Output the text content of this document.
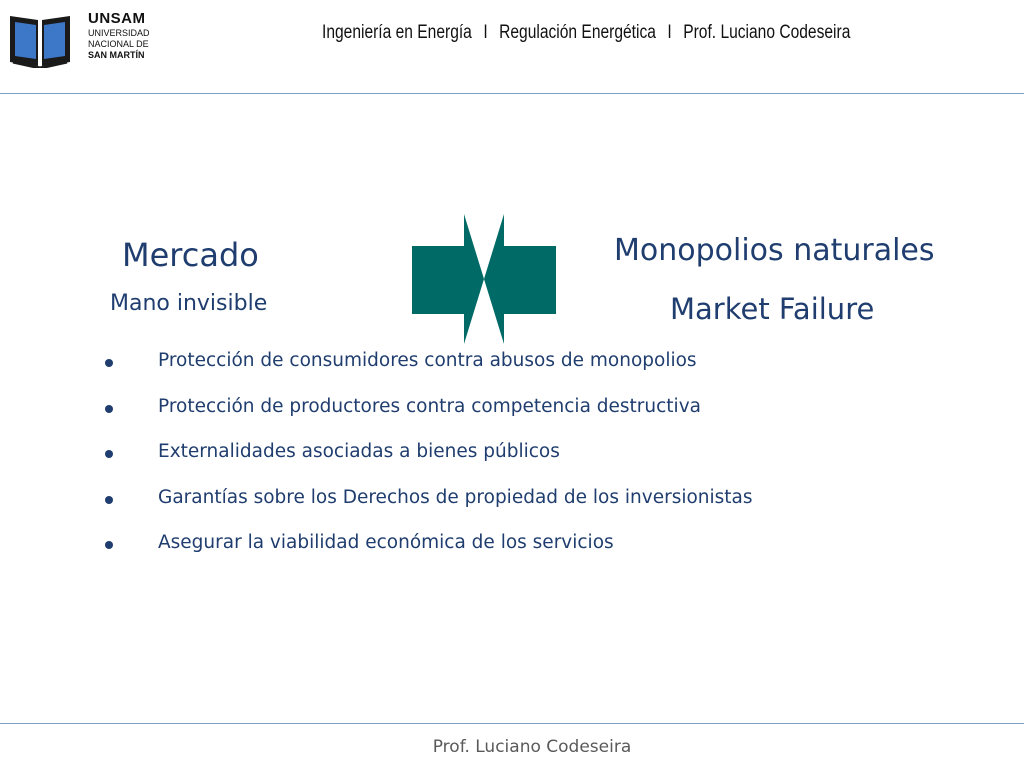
UNSAM
UNIVERSIDAD
NACIONAL DE
SAN MARTÍN
Ingeniería en Energía I Regulación Energética I Prof. Luciano Codeseira
Mercado
Mano invisible
Monopolios naturales
Market Failure
Protección de consumidores contra abusos de monopolios
Protección de productores contra competencia destructiva
Externalidades asociadas a bienes públicos
Garantías sobre los Derechos de propiedad de los inversionistas
Asegurar la viabilidad económica de los servicios
Prof. Luciano Codeseira
